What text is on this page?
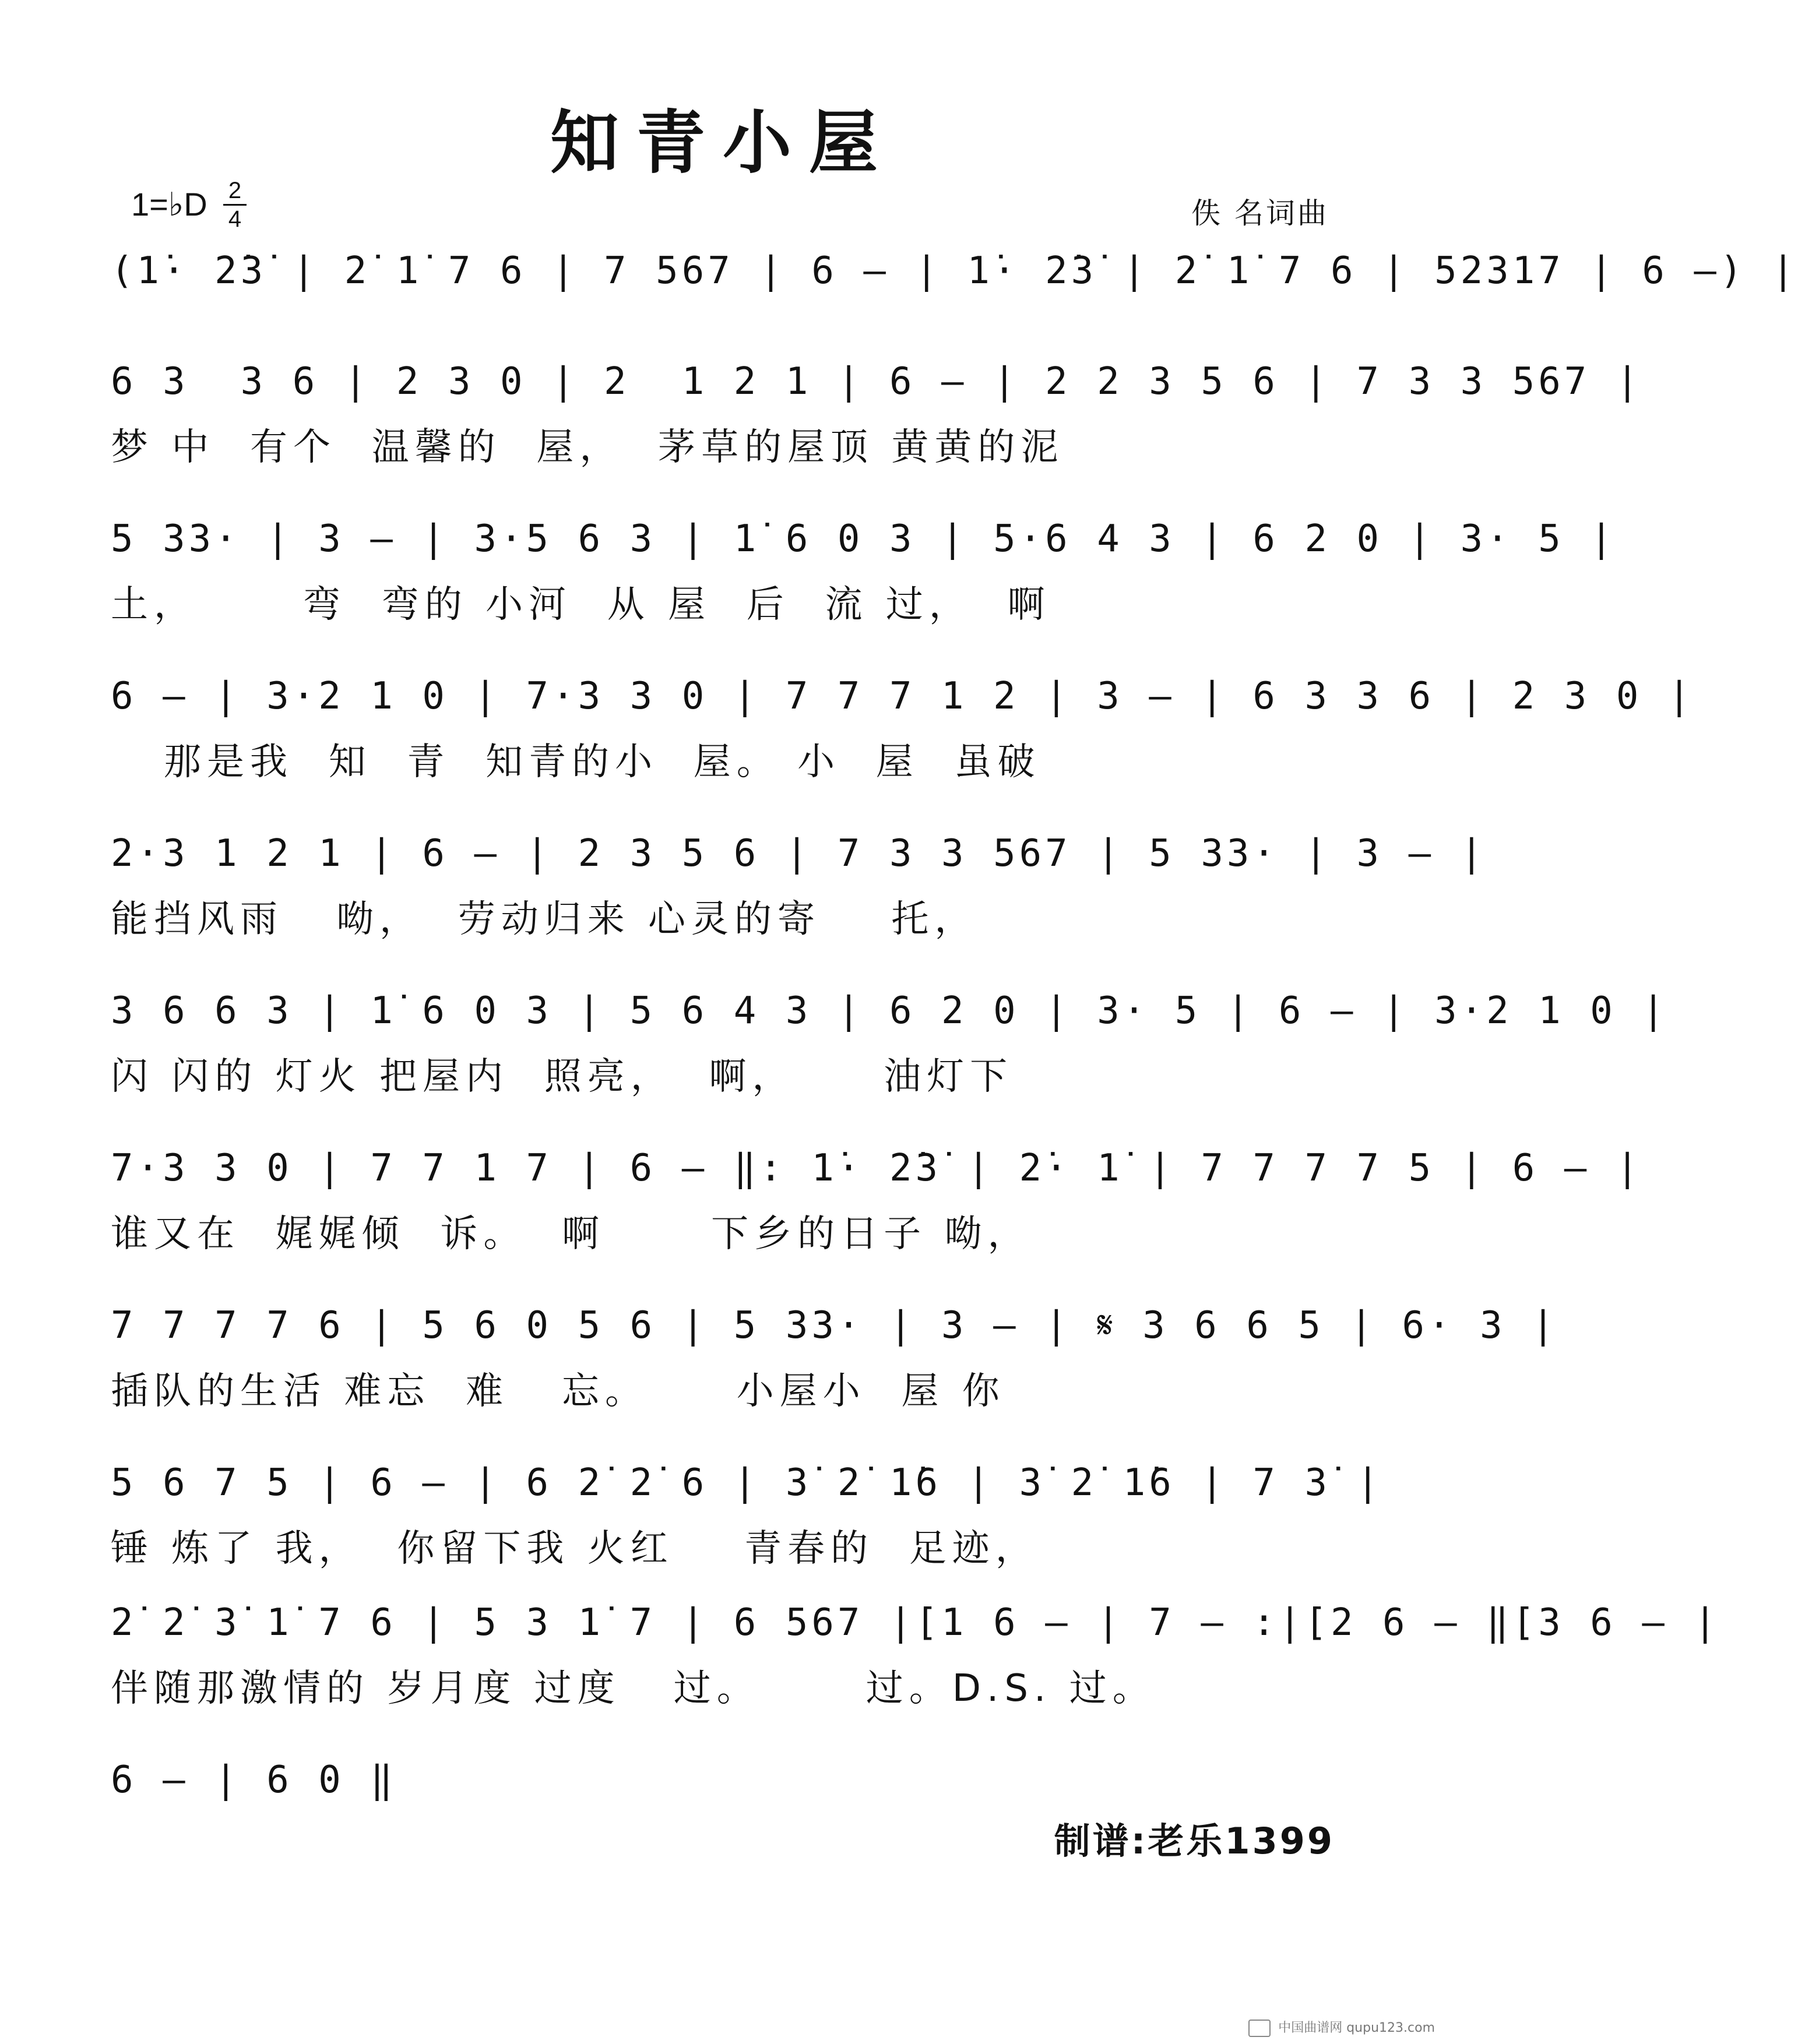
知青小屋
1=♭D 2
4	佚 名词曲
(1̇· 2̇3̇ | 2̇ 1̇ 7 6 | 7 567 | 6 — | 1̇· 2̇3̇ | 2̇ 1̇ 7 6 | 52317 | 6 —) |
6 3  3 6 | 2 3 0 | 2  1 2 1 | 6 — | 2 2 3 5 6 | 7 3 3 567 |
梦 中  有个  温馨的  屋，  茅草的屋顶 黄黄的泥
5 33· | 3 — | 3·5 6 3 | 1̇ 6 0 3 | 5·6 4 3 | 6 2 0 | 3· 5 |
土，      弯  弯的 小河  从 屋  后  流 过，  啊
6 — | 3·2 1 0 | 7·3 3 0 | 7 7 7 1 2 | 3 — | 6 3 3 6 | 2 3 0 |
那是我  知  青  知青的小  屋。 小  屋  虽破
2·3 1 2 1 | 6 — | 2 3 5 6 | 7 3 3 567 | 5 33· | 3 — |
能挡风雨   呦，  劳动归来 心灵的寄    托，
3 6 6 3 | 1̇ 6 0 3 | 5 6 4 3 | 6 2 0 | 3· 5 | 6 — | 3·2 1 0 |
闪 闪的 灯火 把屋内  照亮，  啊，     油灯下
7·3 3 0 | 7 7 1 7 | 6 — ‖: 1̇· 2̇3̇ | 2̇· 1̇ | 7 7 7 7 5 | 6 — |
谁又在  娓娓倾  诉。  啊      下乡的日子 呦，
7 7 7 7 6 | 5 6 0 5 6 | 5 33· | 3 — | 𝄋 3 6 6 5 | 6· 3 |
插队的生活 难忘  难   忘。     小屋小  屋 你
5 6 7 5 | 6 — | 6 2̇ 2̇ 6 | 3̇ 2̇ 1̇6 | 3̇ 2̇ 1̇6 | 7 3̇ |
锤 炼了 我，  你留下我 火红    青春的  足迹，
2̇ 2̇ 3̇ 1̇ 7 6 | 5 3 1̇ 7 | 6 567 |[1 6 — | 7 — :|[2 6 — ‖[3 6 — |
伴随那激情的 岁月度 过度   过。      过。D.S. 过。
6 — | 6 0 ‖
制谱:老乐1399
中国曲谱网 qupu123.com
